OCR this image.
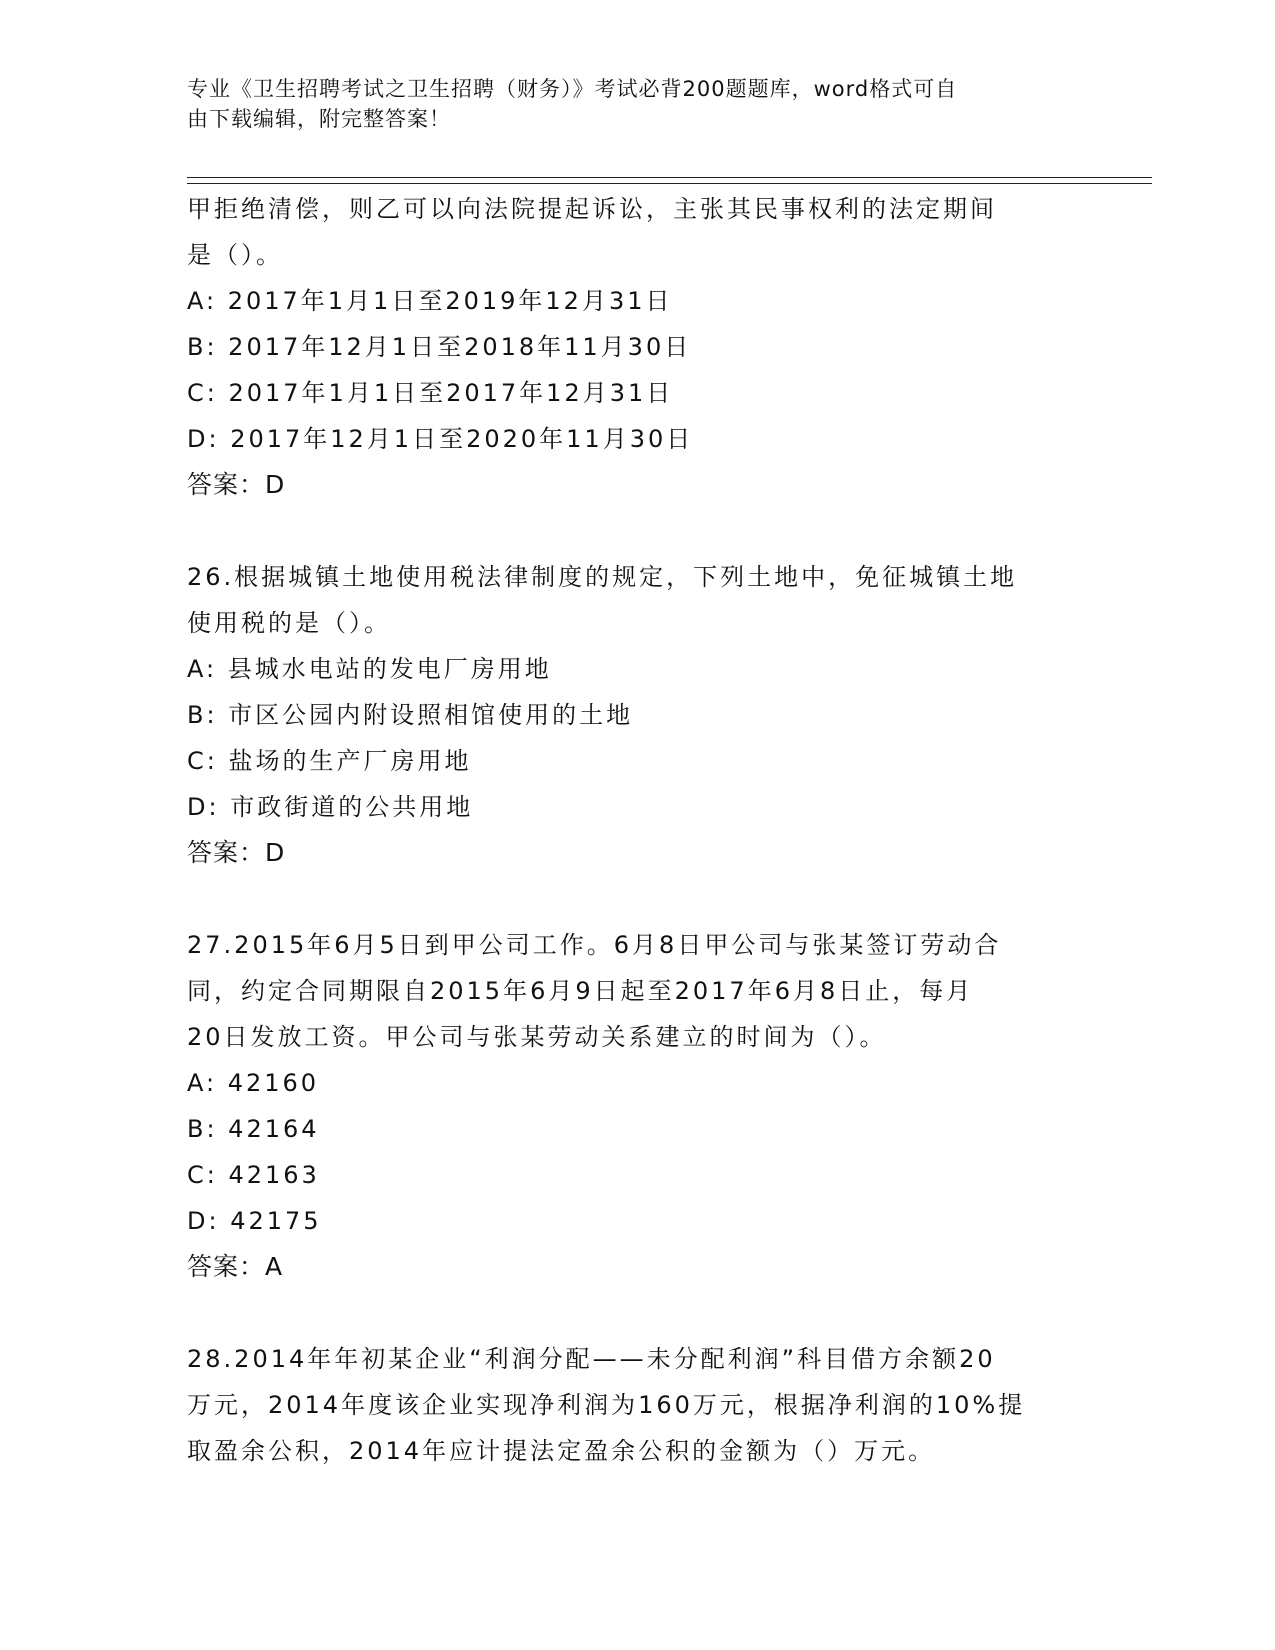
专业《卫生招聘考试之卫生招聘（财务）》考试必背200题题库，word格式可自
由下载编辑，附完整答案！
甲拒绝清偿，则乙可以向法院提起诉讼，主张其民事权利的法定期间
是（）。
A: 2017年1月1日至2019年12月31日
B: 2017年12月1日至2018年11月30日
C: 2017年1月1日至2017年12月31日
D: 2017年12月1日至2020年11月30日
答案：D
26.根据城镇土地使用税法律制度的规定，下列土地中，免征城镇土地
使用税的是（）。
A: 县城水电站的发电厂房用地
B: 市区公园内附设照相馆使用的土地
C: 盐场的生产厂房用地
D: 市政街道的公共用地
答案：D
27.2015年6月5日到甲公司工作。6月8日甲公司与张某签订劳动合
同，约定合同期限自2015年6月9日起至2017年6月8日止，每月
20日发放工资。甲公司与张某劳动关系建立的时间为（）。
A: 42160
B: 42164
C: 42163
D: 42175
答案：A
28.2014年年初某企业“利润分配——未分配利润”科目借方余额20
万元，2014年度该企业实现净利润为160万元，根据净利润的10%提
取盈余公积，2014年应计提法定盈余公积的金额为（）万元。
